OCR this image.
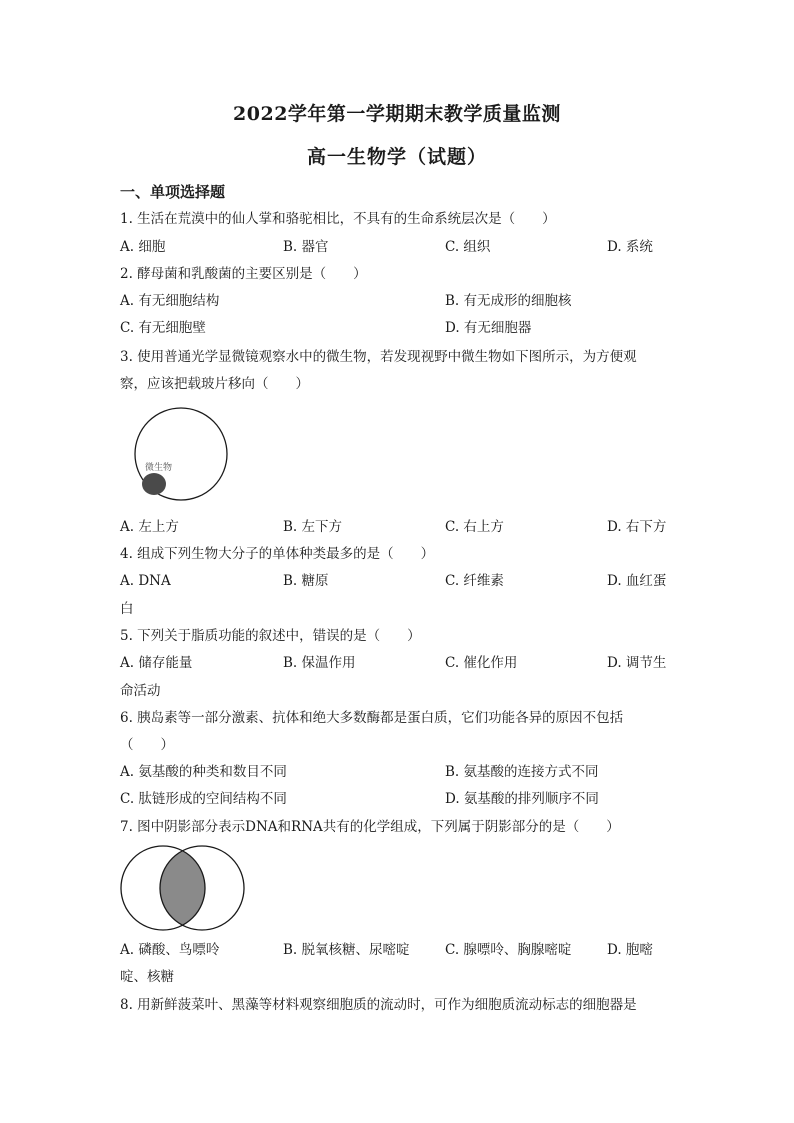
2022学年第一学期期末教学质量监测
高一生物学（试题）
一、单项选择题
1. 生活在荒漠中的仙人掌和骆驼相比，不具有的生命系统层次是（　　）
A. 细胞	B. 器官	C. 组织	D. 系统
2. 酵母菌和乳酸菌的主要区别是（　　）
A. 有无细胞结构	B. 有无成形的细胞核
C. 有无细胞壁	D. 有无细胞器
3. 使用普通光学显微镜观察水中的微生物，若发现视野中微生物如下图所示，为方便观
察，应该把载玻片移向（　　）
微生物
A. 左上方	B. 左下方	C. 右上方	D. 右下方
4. 组成下列生物大分子的单体种类最多的是（　　）
A. DNA	B. 糖原	C. 纤维素	D. 血红蛋
白
5. 下列关于脂质功能的叙述中，错误的是（　　）
A. 储存能量	B. 保温作用	C. 催化作用	D. 调节生
命活动
6. 胰岛素等一部分激素、抗体和绝大多数酶都是蛋白质，它们功能各异的原因不包括
（　　）
A. 氨基酸的种类和数目不同	B. 氨基酸的连接方式不同
C. 肽链形成的空间结构不同	D. 氨基酸的排列顺序不同
7. 图中阴影部分表示DNA和RNA共有的化学组成，下列属于阴影部分的是（　　）
A. 磷酸、鸟嘌呤	B. 脱氧核糖、尿嘧啶	C. 腺嘌呤、胸腺嘧啶	D. 胞嘧
啶、核糖
8. 用新鲜菠菜叶、黑藻等材料观察细胞质的流动时，可作为细胞质流动标志的细胞器是
